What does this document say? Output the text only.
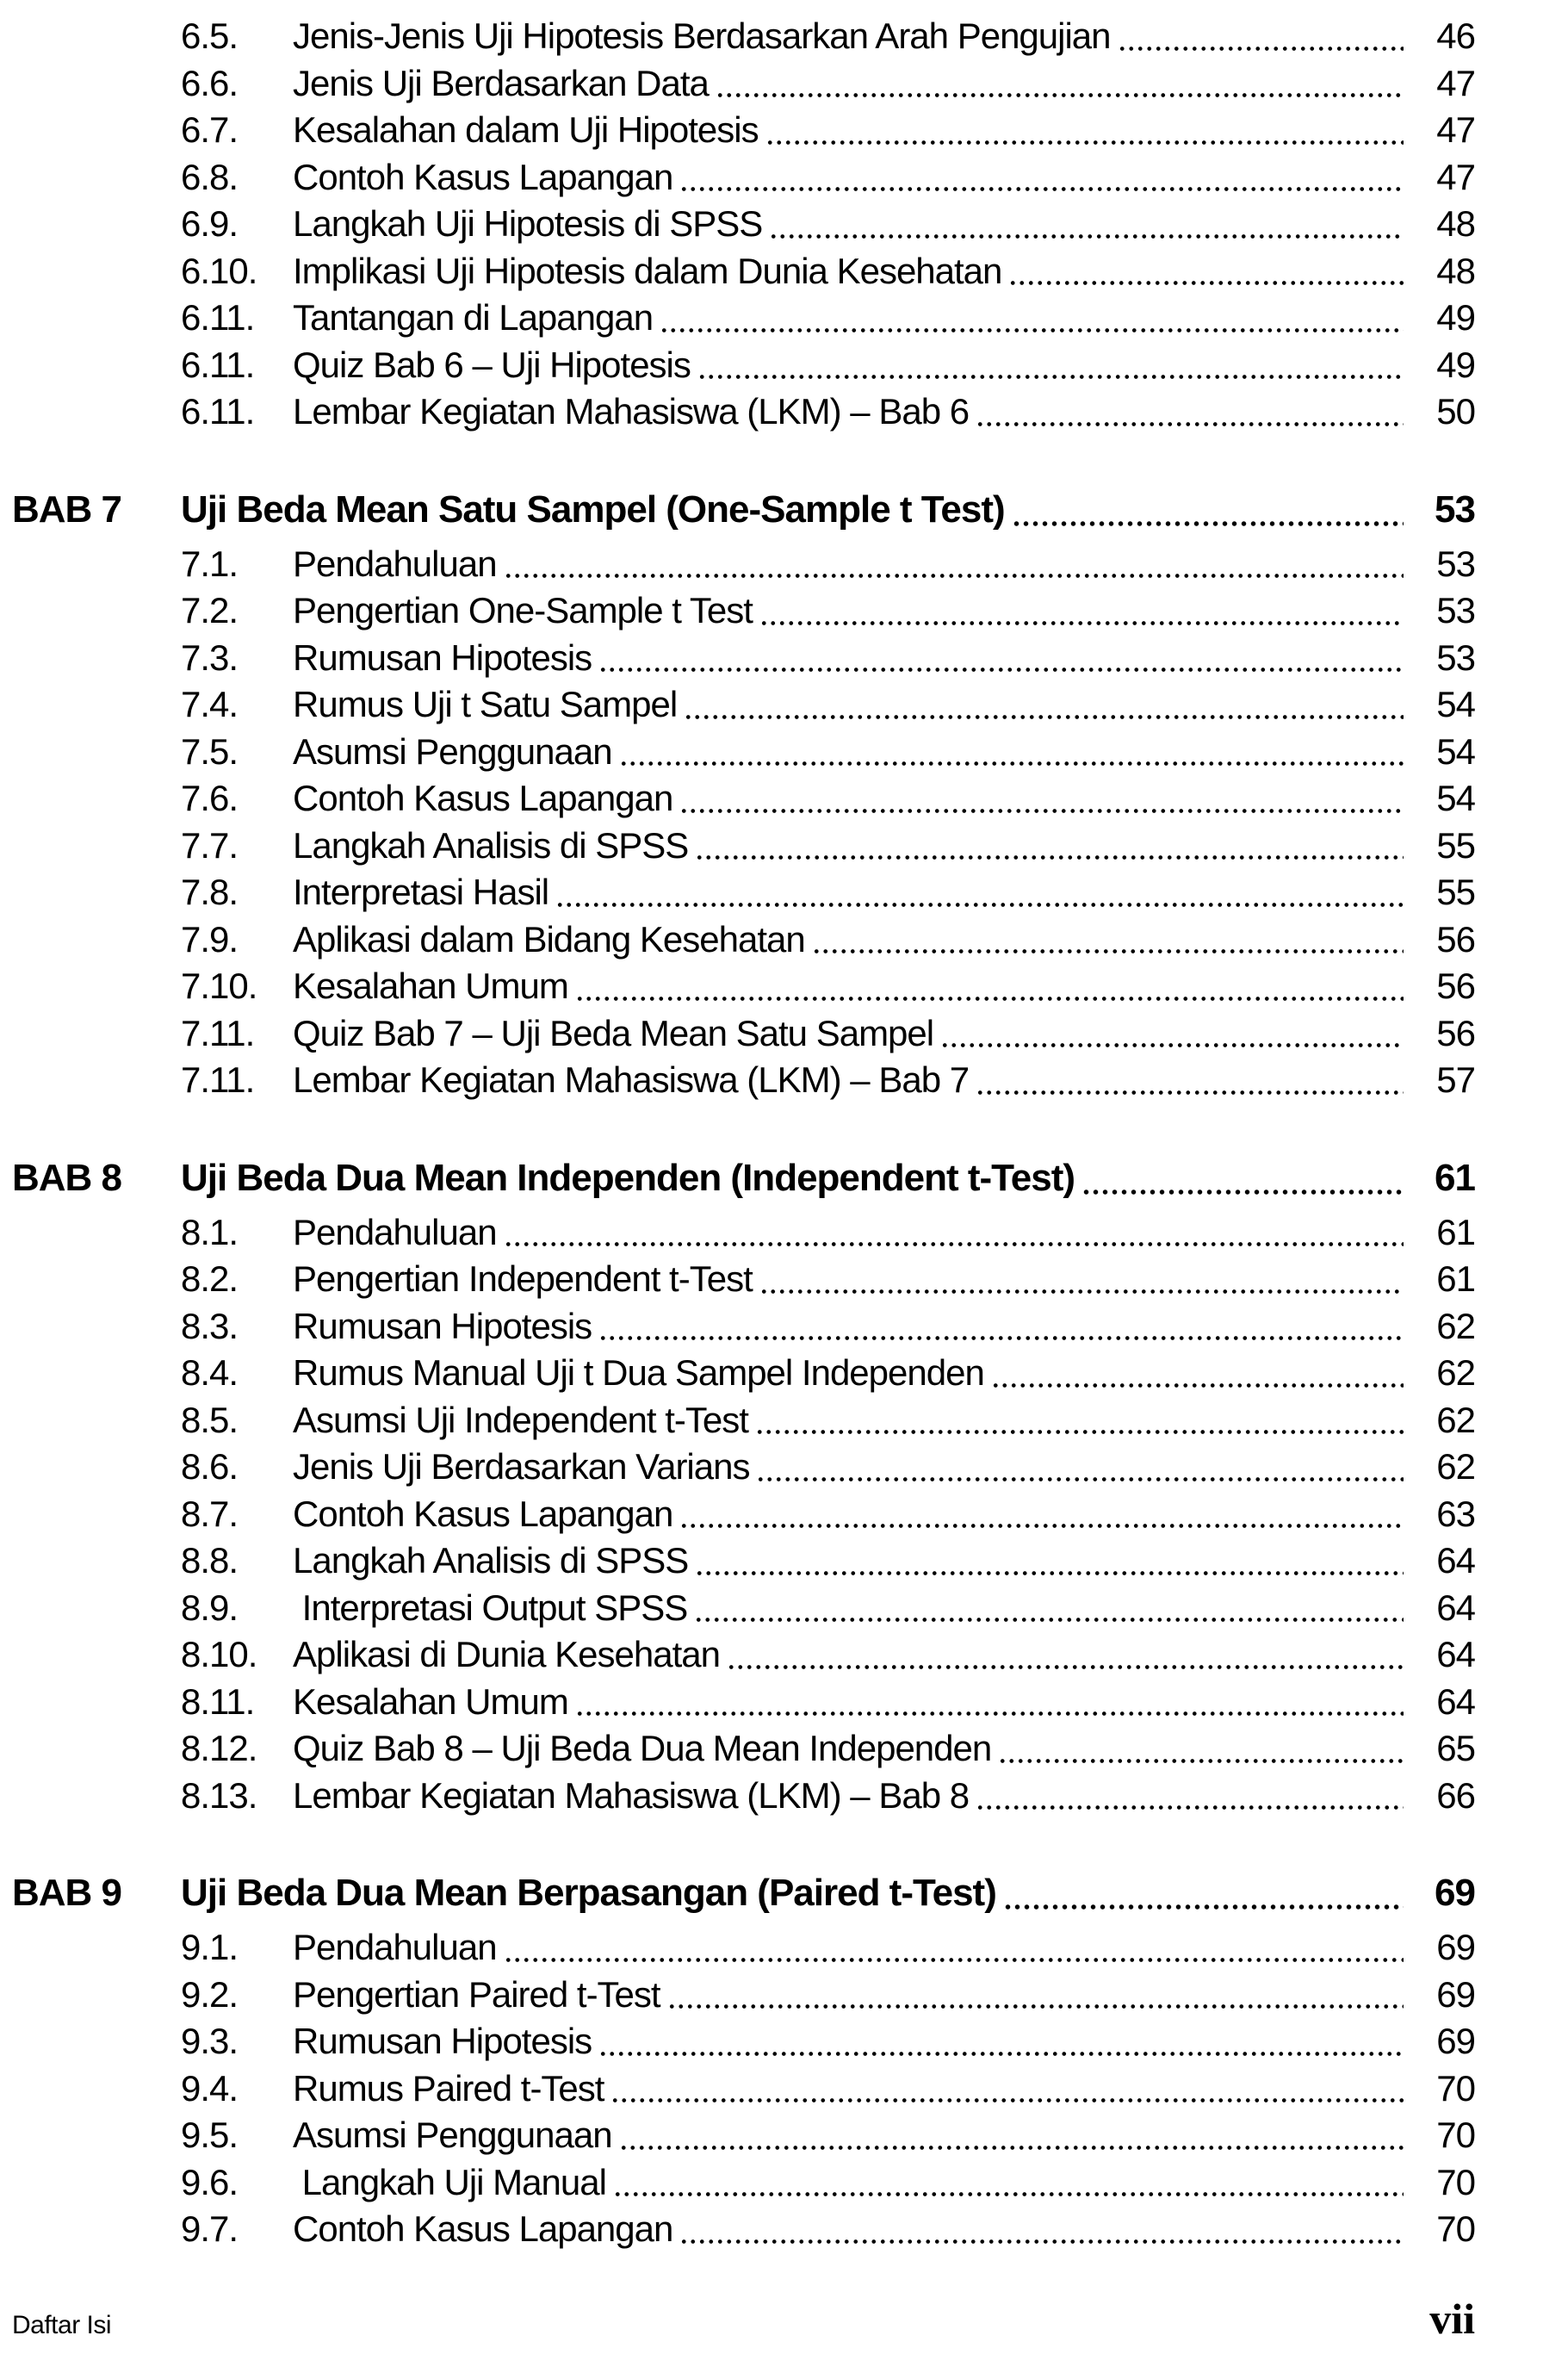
6.5.	Jenis-Jenis Uji Hipotesis Berdasarkan Arah Pengujian	46
6.6.	Jenis Uji Berdasarkan Data	47
6.7.	Kesalahan dalam Uji Hipotesis	47
6.8.	Contoh Kasus Lapangan	47
6.9.	Langkah Uji Hipotesis di SPSS	48
6.10. Implikasi Uji Hipotesis dalam Dunia Kesehatan	48
6.11.	Tantangan di Lapangan	49
6.11.	Quiz Bab 6 – Uji Hipotesis	49
6.11.	Lembar Kegiatan Mahasiswa (LKM) – Bab 6	50
BAB 7	Uji Beda Mean Satu Sampel (One-Sample t Test)	53
7.1.	Pendahuluan	53
7.2.	Pengertian One-Sample t Test	53
7.3.	Rumusan Hipotesis	53
7.4.	Rumus Uji t Satu Sampel	54
7.5.	Asumsi Penggunaan	54
7.6.	Contoh Kasus Lapangan	54
7.7.	Langkah Analisis di SPSS	55
7.8.	Interpretasi Hasil	55
7.9.	Aplikasi dalam Bidang Kesehatan	56
7.10. Kesalahan Umum	56
7.11.	Quiz Bab 7 – Uji Beda Mean Satu Sampel	56
7.11.	Lembar Kegiatan Mahasiswa (LKM) – Bab 7	57
BAB 8	Uji Beda Dua Mean Independen (Independent t-Test)	61
8.1.	Pendahuluan	61
8.2.	Pengertian Independent t-Test	61
8.3.	Rumusan Hipotesis	62
8.4.	Rumus Manual Uji t Dua Sampel Independen	62
8.5.	Asumsi Uji Independent t-Test	62
8.6.	Jenis Uji Berdasarkan Varians	62
8.7.	Contoh Kasus Lapangan	63
8.8.	Langkah Analisis di SPSS	64
8.9.	Interpretasi Output SPSS	64
8.10. Aplikasi di Dunia Kesehatan	64
8.11.	Kesalahan Umum	64
8.12. Quiz Bab 8 – Uji Beda Dua Mean Independen	65
8.13. Lembar Kegiatan Mahasiswa (LKM) – Bab 8	66
BAB 9	Uji Beda Dua Mean Berpasangan (Paired t-Test)	69
9.1.	Pendahuluan	69
9.2.	Pengertian Paired t-Test	69
9.3.	Rumusan Hipotesis	69
9.4.	Rumus Paired t-Test	70
9.5.	Asumsi Penggunaan	70
9.6.	Langkah Uji Manual	70
9.7.	Contoh Kasus Lapangan	70
Daftar Isi	vii
